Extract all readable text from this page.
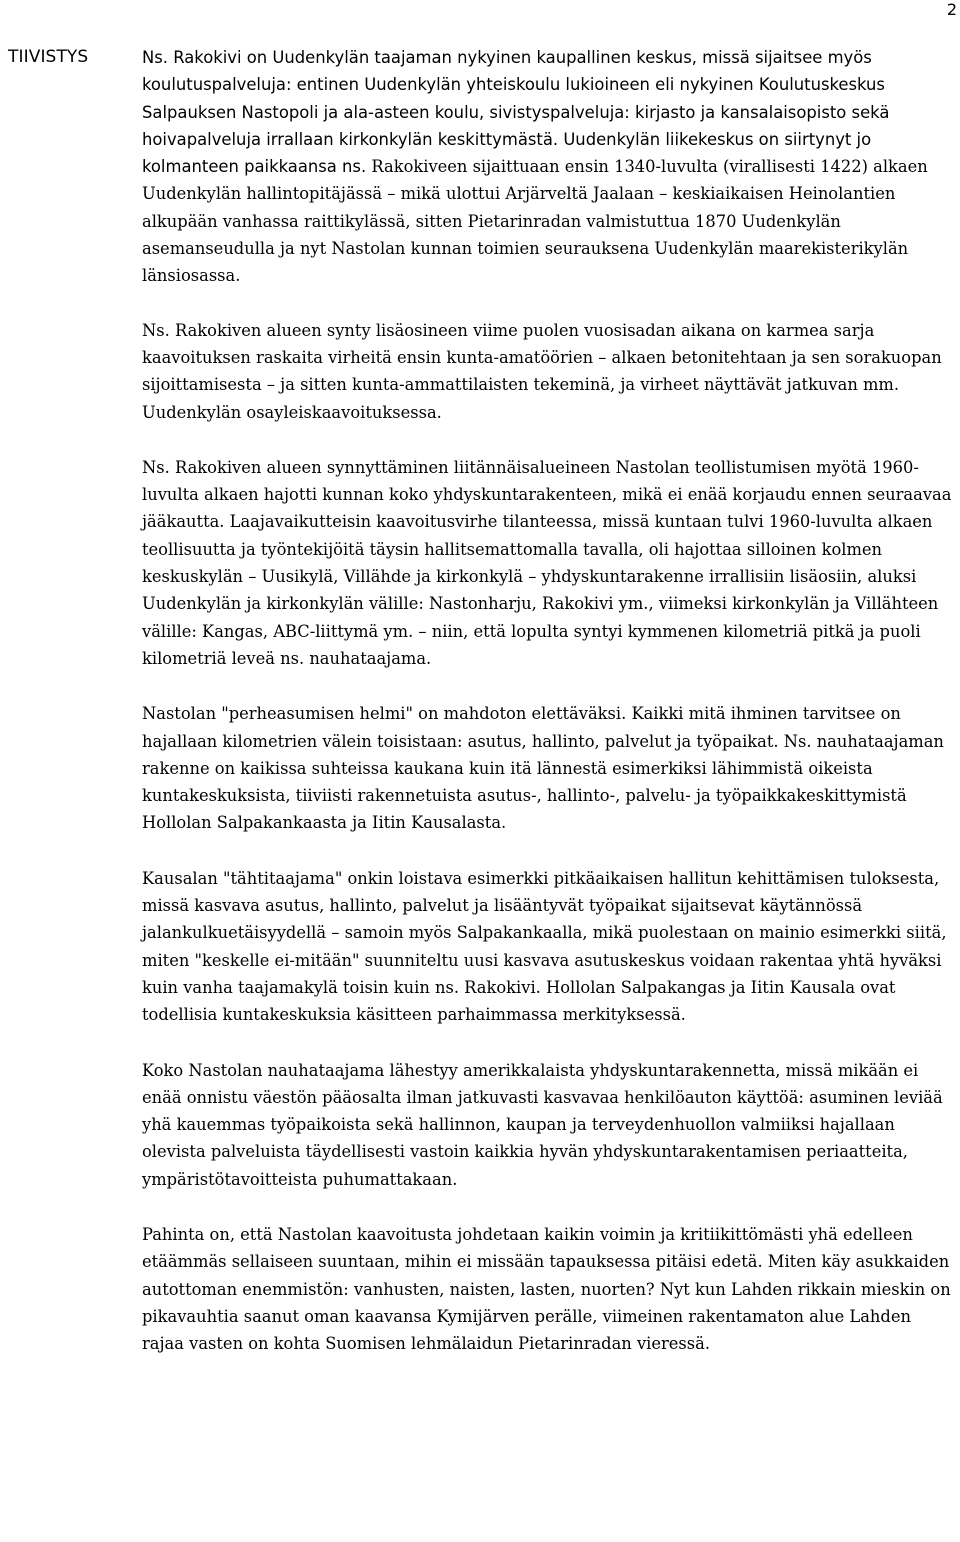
2
TIIVISTYS	Ns. Rakokivi on Uudenkylän taajaman nykyinen kaupallinen keskus, missä sijaitsee myös koulutuspalveluja: entinen Uudenkylän yhteiskoulu lukioineen eli nykyinen Koulutuskeskus Salpauksen Nastopoli ja ala-asteen koulu, sivistyspalveluja: kirjasto ja kansalaisopisto sekä hoivapalveluja irrallaan kirkonkylän keskittymästä. Uudenkylän liikekeskus on siirtynyt jo kolmanteen paikkaansa ns. Rakokiveen sijaittuaan ensin 1340-luvulta (virallisesti 1422) alkaen Uudenkylän hallintopitäjässä – mikä ulottui Arjärveltä Jaalaan – keskiaikaisen Heinolantien alkupään vanhassa raittikylässä, sitten Pietarinradan valmistuttua 1870 Uudenkylän asemanseudulla ja nyt Nastolan kunnan toimien seurauksena Uudenkylän maarekisterikylän länsiosassa.

Ns. Rakokiven alueen synty lisäosineen viime puolen vuosisadan aikana on karmea sarja kaavoituksen raskaita virheitä ensin kunta-amatöörien – alkaen betonitehtaan ja sen sorakuopan sijoittamisesta – ja sitten kunta-ammattilaisten tekeminä, ja virheet näyttävät jatkuvan mm. Uudenkylän osayleiskaavoituksessa.

Ns. Rakokiven alueen synnyttäminen liitännäisalueineen Nastolan teollistumisen myötä 1960-luvulta alkaen hajotti kunnan koko yhdyskuntarakenteen, mikä ei enää korjaudu ennen seuraavaa jääkautta. Laajavaikutteisin kaavoitusvirhe tilanteessa, missä kuntaan tulvi 1960-luvulta alkaen teollisuutta ja työntekijöitä täysin hallitsemattomalla tavalla, oli hajottaa silloinen kolmen keskuskylän – Uusikylä, Villähde ja kirkonkylä – yhdyskuntarakenne irrallisiin lisäosiin, aluksi Uudenkylän ja kirkonkylän välille: Nastonharju, Rakokivi ym., viimeksi kirkonkylän ja Villähteen välille: Kangas, ABC-liittymä ym. – niin, että lopulta syntyi kymmenen kilometriä pitkä ja puoli kilometriä leveä ns. nauhataajama.

Nastolan "perheasumisen helmi" on mahdoton elettäväksi. Kaikki mitä ihminen tarvitsee on hajallaan kilometrien välein toisistaan: asutus, hallinto, palvelut ja työpaikat. Ns. nauhataajaman rakenne on kaikissa suhteissa kaukana kuin itä lännestä esimerkiksi lähimmistä oikeista kuntakeskuksista, tiiviisti rakennetuista asutus-, hallinto-, palvelu- ja työpaikkakeskittymistä Hollolan Salpakankaasta ja Iitin Kausalasta.

Kausalan "tähtitaajama" onkin loistava esimerkki pitkäaikaisen hallitun kehittämisen tuloksesta, missä kasvava asutus, hallinto, palvelut ja lisääntyvät työpaikat sijaitsevat käytännössä jalankulkuetäisyydellä – samoin myös Salpakankaalla, mikä puolestaan on mainio esimerkki siitä, miten "keskelle ei-mitään" suunniteltu uusi kasvava asutuskeskus voidaan rakentaa yhtä hyväksi kuin vanha taajamakylä toisin kuin ns. Rakokivi. Hollolan Salpakangas ja Iitin Kausala ovat todellisia kuntakeskuksia käsitteen parhaimmassa merkityksessä.

Koko Nastolan nauhataajama lähestyy amerikkalaista yhdyskuntarakennetta, missä mikään ei enää onnistu väestön pääosalta ilman jatkuvasti kasvavaa henkilöauton käyttöä: asuminen leviää yhä kauemmas työpaikoista sekä hallinnon, kaupan ja terveydenhuollon valmiiksi hajallaan olevista palveluista täydellisesti vastoin kaikkia hyvän yhdyskuntarakentamisen periaatteita, ympäristötavoitteista puhumattakaan.

Pahinta on, että Nastolan kaavoitusta johdetaan kaikin voimin ja kritiikittömästi yhä edelleen etäämmäs sellaiseen suuntaan, mihin ei missään tapauksessa pitäisi edetä. Miten käy asukkaiden autottoman enemmistön: vanhusten, naisten, lasten, nuorten? Nyt kun Lahden rikkain mieskin on pikavauhtia saanut oman kaavansa Kymijärven perälle, viimeinen rakentamaton alue Lahden rajaa vasten on kohta Suomisen lehmälaidun Pietarinradan vieressä.
